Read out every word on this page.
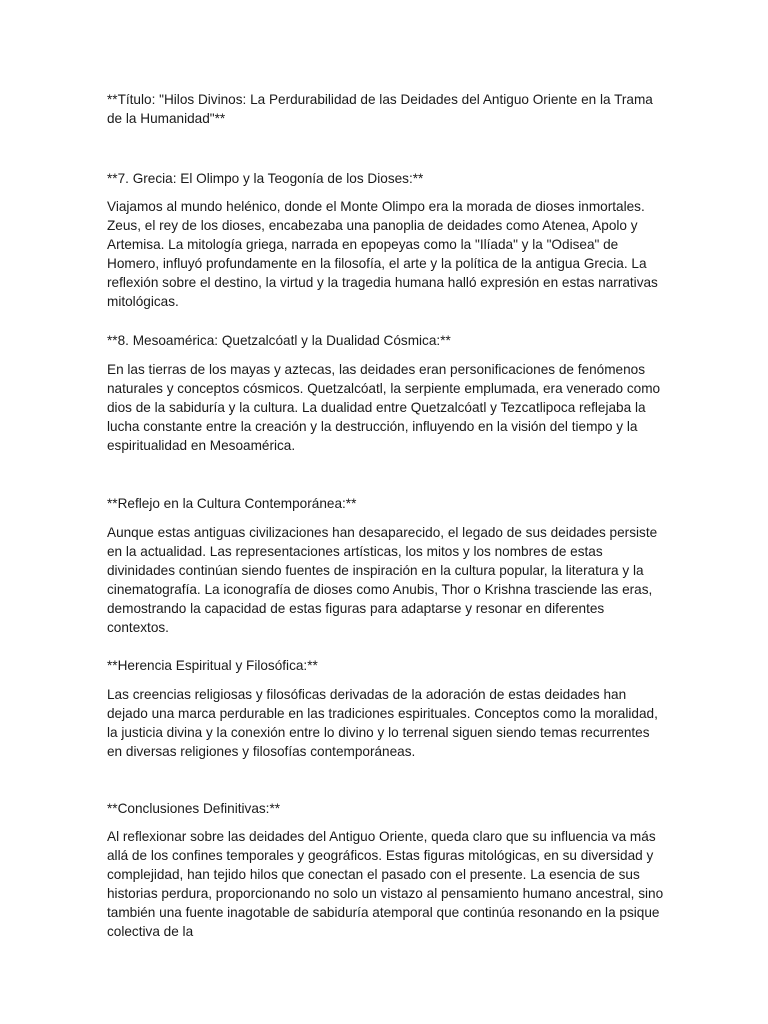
**Título: "Hilos Divinos: La Perdurabilidad de las Deidades del Antiguo Oriente en la Trama de la Humanidad"**

**7. Grecia: El Olimpo y la Teogonía de los Dioses:**

Viajamos al mundo helénico, donde el Monte Olimpo era la morada de dioses inmortales. Zeus, el rey de los dioses, encabezaba una panoplia de deidades como Atenea, Apolo y Artemisa. La mitología griega, narrada en epopeyas como la "Ilíada" y la "Odisea" de Homero, influyó profundamente en la filosofía, el arte y la política de la antigua Grecia. La reflexión sobre el destino, la virtud y la tragedia humana halló expresión en estas narrativas mitológicas.

**8. Mesoamérica: Quetzalcóatl y la Dualidad Cósmica:**

En las tierras de los mayas y aztecas, las deidades eran personificaciones de fenómenos naturales y conceptos cósmicos. Quetzalcóatl, la serpiente emplumada, era venerado como dios de la sabiduría y la cultura. La dualidad entre Quetzalcóatl y Tezcatlipoca reflejaba la lucha constante entre la creación y la destrucción, influyendo en la visión del tiempo y la espiritualidad en Mesoamérica.

**Reflejo en la Cultura Contemporánea:**

Aunque estas antiguas civilizaciones han desaparecido, el legado de sus deidades persiste en la actualidad. Las representaciones artísticas, los mitos y los nombres de estas divinidades continúan siendo fuentes de inspiración en la cultura popular, la literatura y la cinematografía. La iconografía de dioses como Anubis, Thor o Krishna trasciende las eras, demostrando la capacidad de estas figuras para adaptarse y resonar en diferentes contextos.

**Herencia Espiritual y Filosófica:**

Las creencias religiosas y filosóficas derivadas de la adoración de estas deidades han dejado una marca perdurable en las tradiciones espirituales. Conceptos como la moralidad, la justicia divina y la conexión entre lo divino y lo terrenal siguen siendo temas recurrentes en diversas religiones y filosofías contemporáneas.

**Conclusiones Definitivas:**

Al reflexionar sobre las deidades del Antiguo Oriente, queda claro que su influencia va más allá de los confines temporales y geográficos. Estas figuras mitológicas, en su diversidad y complejidad, han tejido hilos que conectan el pasado con el presente. La esencia de sus historias perdura, proporcionando no solo un vistazo al pensamiento humano ancestral, sino también una fuente inagotable de sabiduría atemporal que continúa resonando en la psique colectiva de la
